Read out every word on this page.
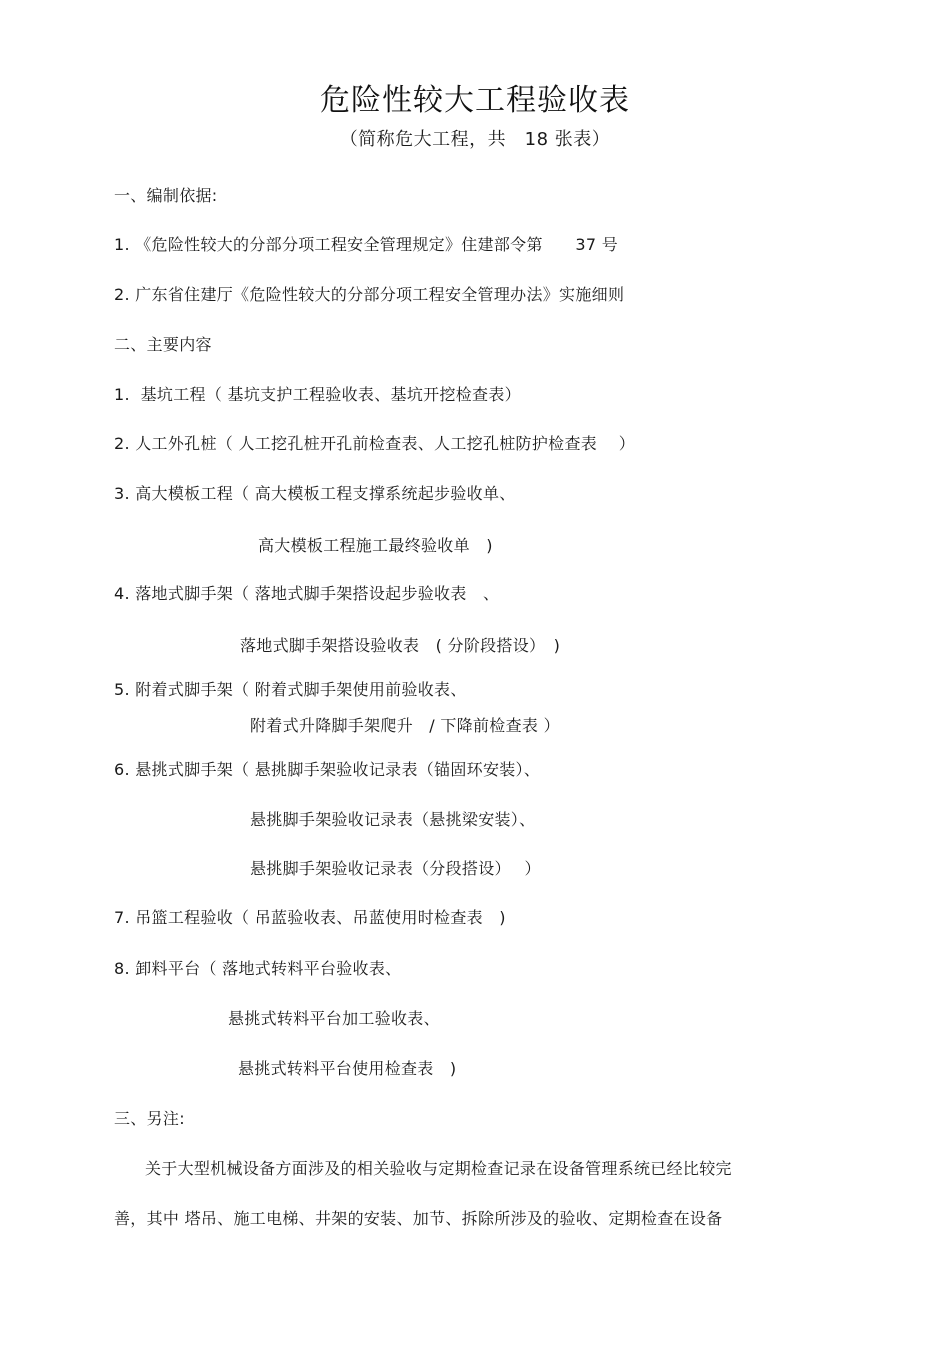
危险性较大工程验收表
（简称危大工程，共　18 张表）
一、编制依据:
1. 《危险性较大的分部分项工程安全管理规定》住建部令第　　37 号
2. 广东省住建厅《危险性较大的分部分项工程安全管理办法》实施细则
二、主要内容
1.  基坑工程（ 基坑支护工程验收表、基坑开挖检查表）
2. 人工外孔桩（ 人工挖孔桩开孔前检查表、人工挖孔桩防护检查表　 ）
3. 高大模板工程（ 高大模板工程支撑系统起步验收单、
高大模板工程施工最终验收单　)
4. 落地式脚手架（ 落地式脚手架搭设起步验收表　、
落地式脚手架搭设验收表　( 分阶段搭设）　)
5. 附着式脚手架（ 附着式脚手架使用前验收表、
附着式升降脚手架爬升　/ 下降前检查表 ）
6. 悬挑式脚手架（ 悬挑脚手架验收记录表（锚固环安装）、
悬挑脚手架验收记录表（悬挑梁安装）、
悬挑脚手架验收记录表（分段搭设）　 ）
7. 吊篮工程验收（ 吊蓝验收表、吊蓝使用时检查表　)
8. 卸料平台（ 落地式转料平台验收表、
悬挑式转料平台加工验收表、
悬挑式转料平台使用检查表　)
三、另注:
关于大型机械设备方面涉及的相关验收与定期检查记录在设备管理系统已经比较完
善，其中 塔吊、施工电梯、井架的安装、加节、拆除所涉及的验收、定期检查在设备
